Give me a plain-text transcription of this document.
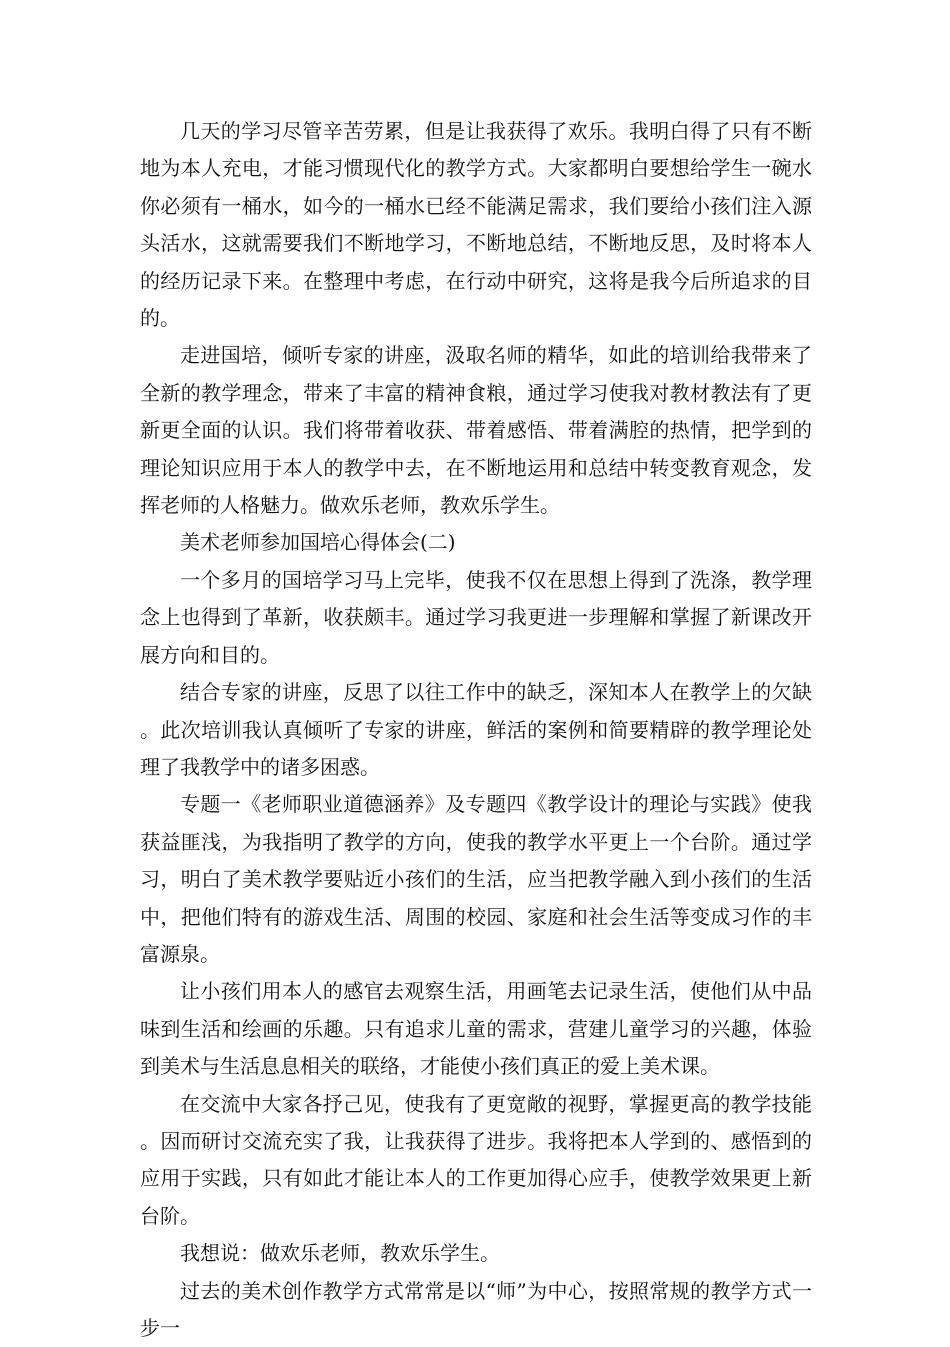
几天的学习尽管辛苦劳累，但是让我获得了欢乐。我明白得了只有不断地为本人充电，才能习惯现代化的教学方式。大家都明白要想给学生一碗水你必须有一桶水，如今的一桶水已经不能满足需求，我们要给小孩们注入源头活水，这就需要我们不断地学习，不断地总结，不断地反思，及时将本人的经历记录下来。在整理中考虑，在行动中研究，这将是我今后所追求的目的。

走进国培，倾听专家的讲座，汲取名师的精华，如此的培训给我带来了全新的教学理念，带来了丰富的精神食粮，通过学习使我对教材教法有了更新更全面的认识。我们将带着收获、带着感悟、带着满腔的热情，把学到的理论知识应用于本人的教学中去，在不断地运用和总结中转变教育观念，发挥老师的人格魅力。做欢乐老师，教欢乐学生。

美术老师参加国培心得体会(二)

一个多月的国培学习马上完毕，使我不仅在思想上得到了洗涤，教学理念上也得到了革新，收获颇丰。通过学习我更进一步理解和掌握了新课改开展方向和目的。

结合专家的讲座，反思了以往工作中的缺乏，深知本人在教学上的欠缺。此次培训我认真倾听了专家的讲座，鲜活的案例和简要精辟的教学理论处理了我教学中的诸多困惑。

专题一《老师职业道德涵养》及专题四《教学设计的理论与实践》使我获益匪浅，为我指明了教学的方向，使我的教学水平更上一个台阶。通过学习，明白了美术教学要贴近小孩们的生活，应当把教学融入到小孩们的生活中，把他们特有的游戏生活、周围的校园、家庭和社会生活等变成习作的丰富源泉。

让小孩们用本人的感官去观察生活，用画笔去记录生活，使他们从中品味到生活和绘画的乐趣。只有追求儿童的需求，营建儿童学习的兴趣，体验到美术与生活息息相关的联络，才能使小孩们真正的爱上美术课。

在交流中大家各抒己见，使我有了更宽敞的视野，掌握更高的教学技能。因而研讨交流充实了我，让我获得了进步。我将把本人学到的、感悟到的应用于实践，只有如此才能让本人的工作更加得心应手，使教学效果更上新台阶。

我想说：做欢乐老师，教欢乐学生。

过去的美术创作教学方式常常是以“师”为中心，按照常规的教学方式一步一
